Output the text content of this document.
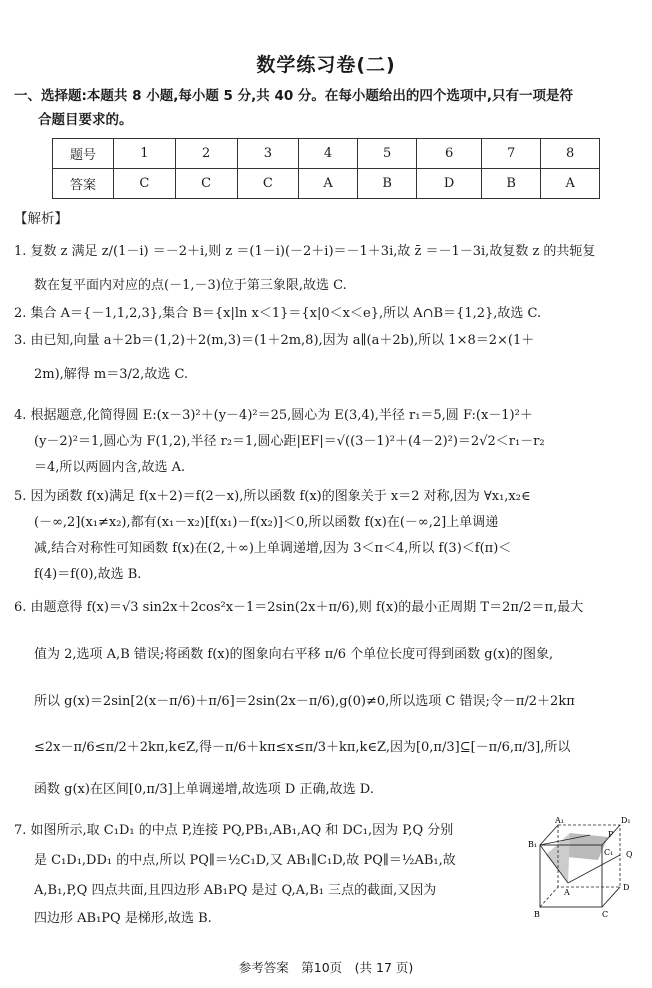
数学练习卷(二)
一、选择题:本题共 8 小题,每小题 5 分,共 40 分。在每小题给出的四个选项中,只有一项是符
合题目要求的。
题号	1	2	3	4	5	6	7	8
答案	C	C	C	A	B	D	B	A
【解析】
1. 复数 z 满足 z/(1－i) ＝－2＋i,则 z ＝(1－i)(－2＋i)＝－1＋3i,故 z̄ ＝－1－3i,故复数 z 的共轭复
数在复平面内对应的点(－1,－3)位于第三象限,故选 C.
2. 集合 A＝{－1,1,2,3},集合 B＝{x|ln x＜1}＝{x|0＜x＜e},所以 A∩B＝{1,2},故选 C.
3. 由已知,向量 a＋2b＝(1,2)＋2(m,3)＝(1＋2m,8),因为 a∥(a＋2b),所以 1×8＝2×(1＋
2m),解得 m＝3/2,故选 C.
4. 根据题意,化简得圆 E:(x－3)²＋(y－4)²＝25,圆心为 E(3,4),半径 r₁＝5,圆 F:(x－1)²＋
(y－2)²＝1,圆心为 F(1,2),半径 r₂＝1,圆心距|EF|＝√((3－1)²＋(4－2)²)＝2√2＜r₁－r₂
＝4,所以两圆内含,故选 A.
5. 因为函数 f(x)满足 f(x＋2)＝f(2－x),所以函数 f(x)的图象关于 x＝2 对称,因为 ∀x₁,x₂∈
(－∞,2](x₁≠x₂),都有(x₁－x₂)[f(x₁)－f(x₂)]＜0,所以函数 f(x)在(－∞,2]上单调递
减,结合对称性可知函数 f(x)在(2,＋∞)上单调递增,因为 3＜π＜4,所以 f(3)＜f(π)＜
f(4)＝f(0),故选 B.
6. 由题意得 f(x)＝√3 sin2x＋2cos²x－1＝2sin(2x＋π/6),则 f(x)的最小正周期 T＝2π/2＝π,最大
值为 2,选项 A,B 错误;将函数 f(x)的图象向右平移 π/6 个单位长度可得到函数 g(x)的图象,
所以 g(x)＝2sin[2(x－π/6)＋π/6]＝2sin(2x－π/6),g(0)≠0,所以选项 C 错误;令－π/2＋2kπ
≤2x－π/6≤π/2＋2kπ,k∈Z,得－π/6＋kπ≤x≤π/3＋kπ,k∈Z,因为[0,π/3]⊆[－π/6,π/3],所以
函数 g(x)在区间[0,π/3]上单调递增,故选项 D 正确,故选 D.
7. 如图所示,取 C₁D₁ 的中点 P,连接 PQ,PB₁,AB₁,AQ 和 DC₁,因为 P,Q 分别
是 C₁D₁,DD₁ 的中点,所以 PQ∥＝½C₁D,又 AB₁∥C₁D,故 PQ∥＝½AB₁,故
A,B₁,P,Q 四点共面,且四边形 AB₁PQ 是过 Q,A,B₁ 三点的截面,又因为
四边形 AB₁PQ 是梯形,故选 B.
A₁	D₁
B₁
P
Q
C₁
A
D
B	C
参考答案　第10页　(共 17 页)
